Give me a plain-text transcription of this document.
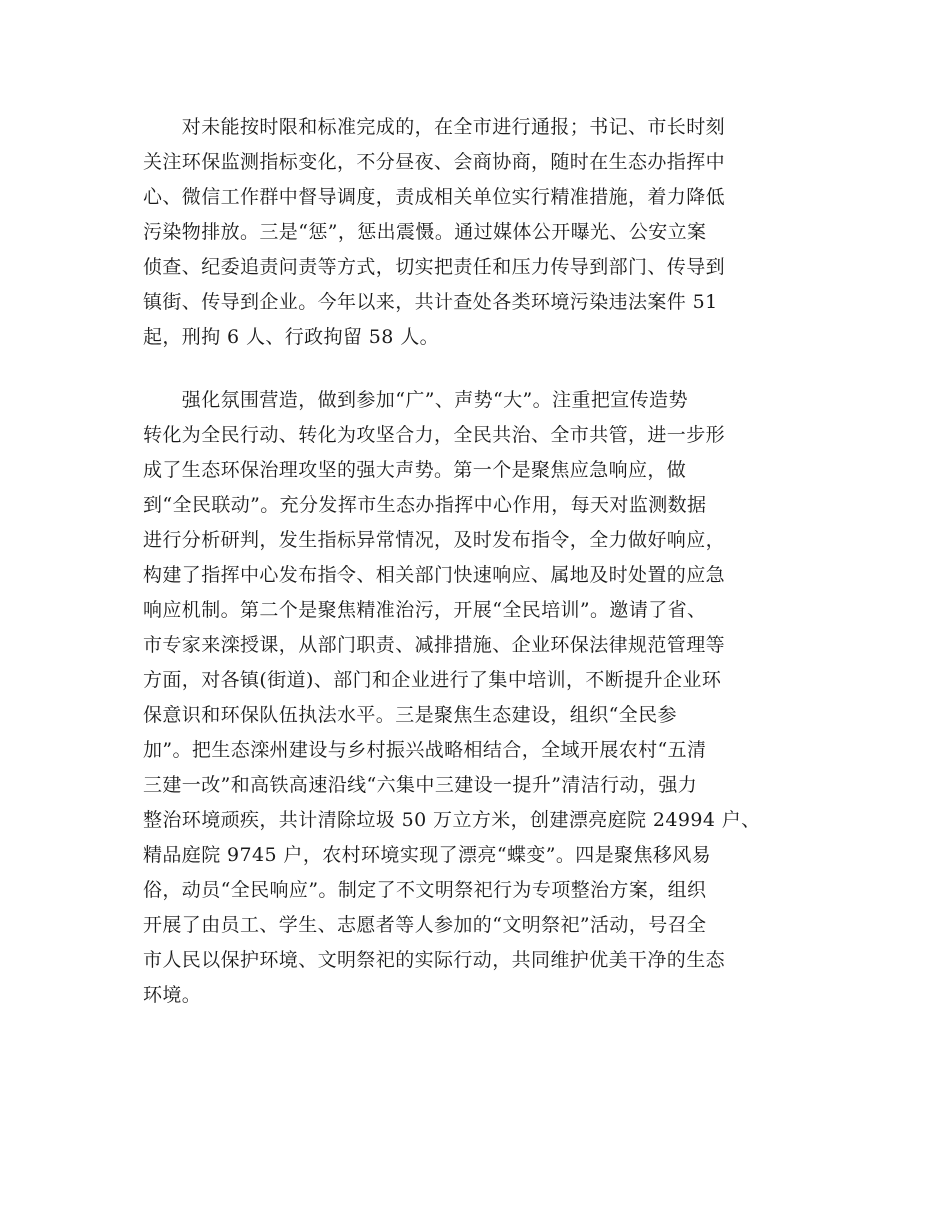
　　对未能按时限和标准完成的，在全市进行通报；书记、市长时刻
关注环保监测指标变化，不分昼夜、会商协商，随时在生态办指挥中
心、微信工作群中督导调度，责成相关单位实行精准措施，着力降低
污染物排放。三是“惩”，惩出震慑。通过媒体公开曝光、公安立案
侦查、纪委追责问责等方式，切实把责任和压力传导到部门、传导到
镇街、传导到企业。今年以来，共计查处各类环境污染违法案件 51
起，刑拘 6 人、行政拘留 58 人。
　　强化氛围营造，做到参加“广”、声势“大”。注重把宣传造势
转化为全民行动、转化为攻坚合力，全民共治、全市共管，进一步形
成了生态环保治理攻坚的强大声势。第一个是聚焦应急响应，做
到“全民联动”。充分发挥市生态办指挥中心作用，每天对监测数据
进行分析研判，发生指标异常情况，及时发布指令，全力做好响应，
构建了指挥中心发布指令、相关部门快速响应、属地及时处置的应急
响应机制。第二个是聚焦精准治污，开展“全民培训”。邀请了省、
市专家来滦授课，从部门职责、减排措施、企业环保法律规范管理等
方面，对各镇(街道)、部门和企业进行了集中培训，不断提升企业环
保意识和环保队伍执法水平。三是聚焦生态建设，组织“全民参
加”。把生态滦州建设与乡村振兴战略相结合，全域开展农村“五清
三建一改”和高铁高速沿线“六集中三建设一提升”清洁行动，强力
整治环境顽疾，共计清除垃圾 50 万立方米，创建漂亮庭院 24994 户、
精品庭院 9745 户，农村环境实现了漂亮“蝶变”。四是聚焦移风易
俗，动员“全民响应”。制定了不文明祭祀行为专项整治方案，组织
开展了由员工、学生、志愿者等人参加的“文明祭祀”活动，号召全
市人民以保护环境、文明祭祀的实际行动，共同维护优美干净的生态
环境。
